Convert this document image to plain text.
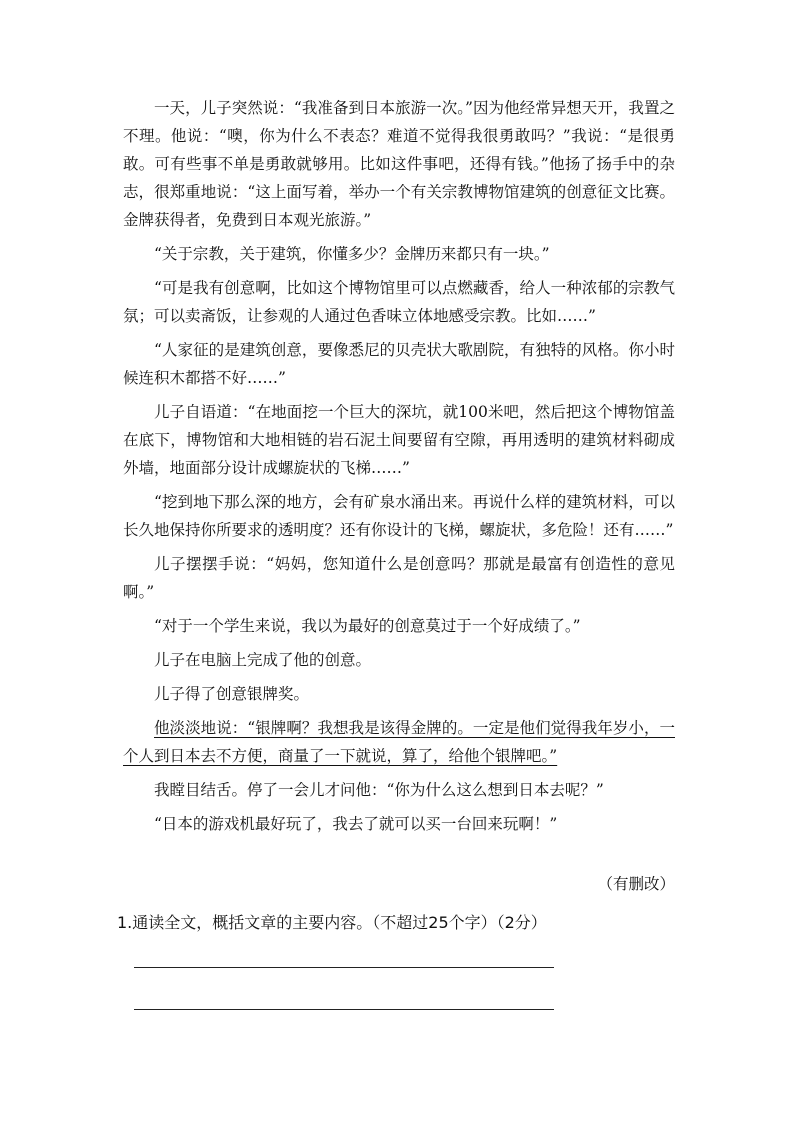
一天，儿子突然说：“我准备到日本旅游一次。”因为他经常异想天开，我置之不理。他说：“噢，你为什么不表态？难道不觉得我很勇敢吗？”我说：“是很勇敢。可有些事不单是勇敢就够用。比如这件事吧，还得有钱。”他扬了扬手中的杂志，很郑重地说：“这上面写着，举办一个有关宗教博物馆建筑的创意征文比赛。金牌获得者，免费到日本观光旅游。”

“关于宗教，关于建筑，你懂多少？金牌历来都只有一块。”

“可是我有创意啊，比如这个博物馆里可以点燃藏香，给人一种浓郁的宗教气氛；可以卖斋饭，让参观的人通过色香味立体地感受宗教。比如……”

“人家征的是建筑创意，要像悉尼的贝壳状大歌剧院，有独特的风格。你小时候连积木都搭不好……”

儿子自语道：“在地面挖一个巨大的深坑，就100米吧，然后把这个博物馆盖在底下，博物馆和大地相链的岩石泥土间要留有空隙，再用透明的建筑材料砌成外墙，地面部分设计成螺旋状的飞梯……”

“挖到地下那么深的地方，会有矿泉水涌出来。再说什么样的建筑材料，可以长久地保持你所要求的透明度？还有你设计的飞梯，螺旋状，多危险！还有……”

儿子摆摆手说：“妈妈，您知道什么是创意吗？那就是最富有创造性的意见啊。”

“对于一个学生来说，我以为最好的创意莫过于一个好成绩了。”

儿子在电脑上完成了他的创意。

儿子得了创意银牌奖。

他淡淡地说：“银牌啊？我想我是该得金牌的。一定是他们觉得我年岁小，一个人到日本去不方便，商量了一下就说，算了，给他个银牌吧。”

我瞠目结舌。停了一会儿才问他：“你为什么这么想到日本去呢？”

“日本的游戏机最好玩了，我去了就可以买一台回来玩啊！”

（有删改）
1.通读全文，概括文章的主要内容。（不超过25个字）（2分）
